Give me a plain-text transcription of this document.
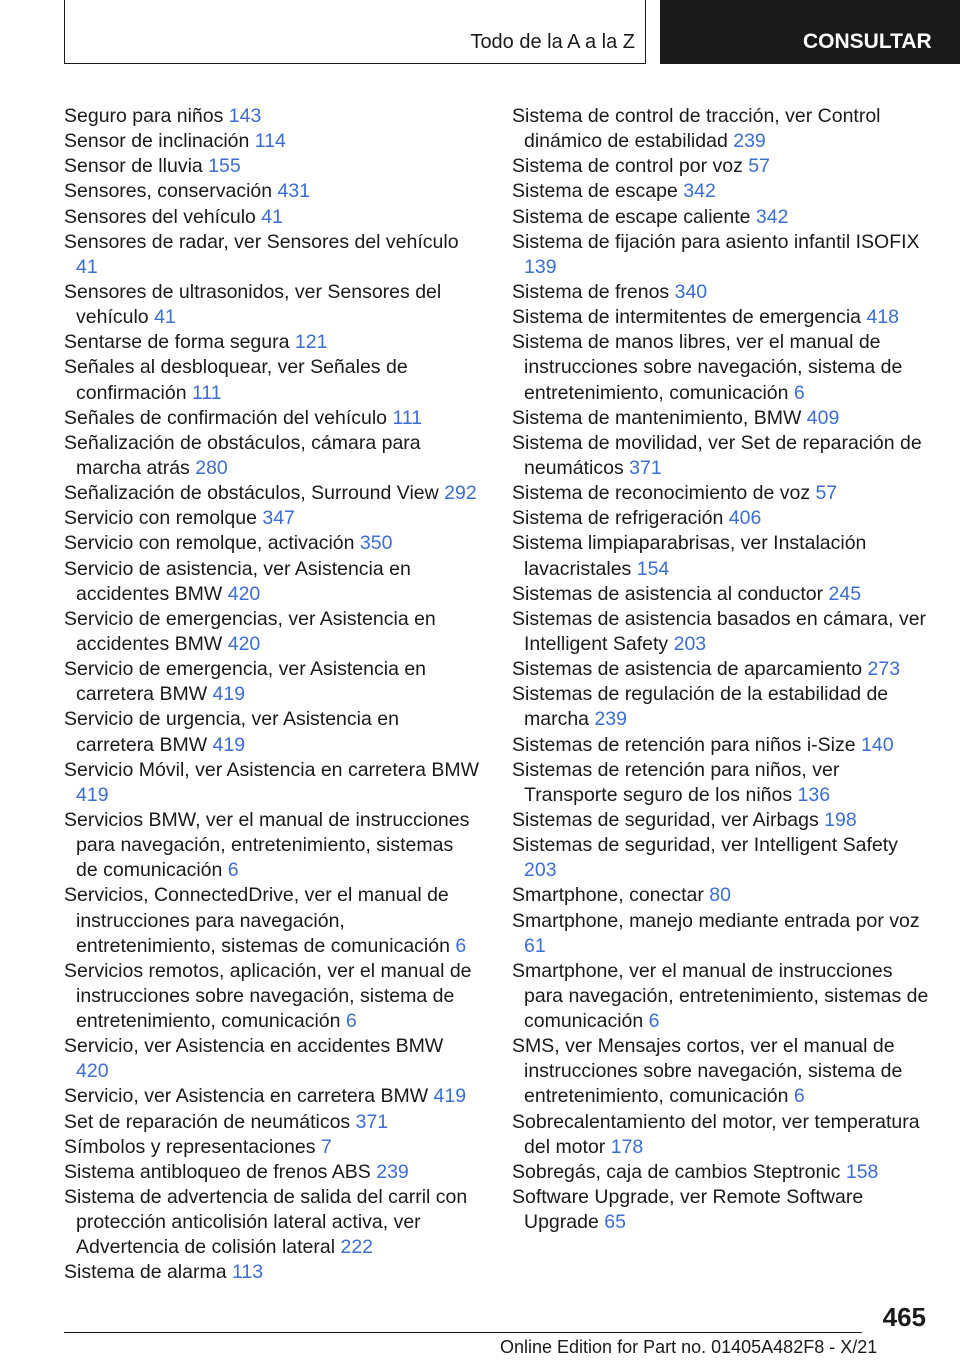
Todo de la A a la Z	CONSULTAR
Seguro para niños 143
Sensor de inclinación 114
Sensor de lluvia 155
Sensores, conservación 431
Sensores del vehículo 41
Sensores de radar, ver Sensores del vehículo 41
Sensores de ultrasonidos, ver Sensores del vehículo 41
Sentarse de forma segura 121
Señales al desbloquear, ver Señales de confirmación 111
Señales de confirmación del vehículo 111
Señalización de obstáculos, cámara para marcha atrás 280
Señalización de obstáculos, Surround View 292
Servicio con remolque 347
Servicio con remolque, activación 350
Servicio de asistencia, ver Asistencia en accidentes BMW 420
Servicio de emergencias, ver Asistencia en accidentes BMW 420
Servicio de emergencia, ver Asistencia en carretera BMW 419
Servicio de urgencia, ver Asistencia en carretera BMW 419
Servicio Móvil, ver Asistencia en carretera BMW 419
Servicios BMW, ver el manual de instrucciones para navegación, entretenimiento, sistemas de comunicación 6
Servicios, ConnectedDrive, ver el manual de instrucciones para navegación, entretenimiento, sistemas de comunicación 6
Servicios remotos, aplicación, ver el manual de instrucciones sobre navegación, sistema de entretenimiento, comunicación 6
Servicio, ver Asistencia en accidentes BMW 420
Servicio, ver Asistencia en carretera BMW 419
Set de reparación de neumáticos 371
Símbolos y representaciones 7
Sistema antibloqueo de frenos ABS 239
Sistema de advertencia de salida del carril con protección anticolisión lateral activa, ver Advertencia de colisión lateral 222
Sistema de alarma 113
Sistema de control de tracción, ver Control dinámico de estabilidad 239
Sistema de control por voz 57
Sistema de escape 342
Sistema de escape caliente 342
Sistema de fijación para asiento infantil ISOFIX 139
Sistema de frenos 340
Sistema de intermitentes de emergencia 418
Sistema de manos libres, ver el manual de instrucciones sobre navegación, sistema de entretenimiento, comunicación 6
Sistema de mantenimiento, BMW 409
Sistema de movilidad, ver Set de reparación de neumáticos 371
Sistema de reconocimiento de voz 57
Sistema de refrigeración 406
Sistema limpiaparabrisas, ver Instalación lavacristales 154
Sistemas de asistencia al conductor 245
Sistemas de asistencia basados en cámara, ver Intelligent Safety 203
Sistemas de asistencia de aparcamiento 273
Sistemas de regulación de la estabilidad de marcha 239
Sistemas de retención para niños i-Size 140
Sistemas de retención para niños, ver Transporte seguro de los niños 136
Sistemas de seguridad, ver Airbags 198
Sistemas de seguridad, ver Intelligent Safety 203
Smartphone, conectar 80
Smartphone, manejo mediante entrada por voz 61
Smartphone, ver el manual de instrucciones para navegación, entretenimiento, sistemas de comunicación 6
SMS, ver Mensajes cortos, ver el manual de instrucciones sobre navegación, sistema de entretenimiento, comunicación 6
Sobrecalentamiento del motor, ver temperatura del motor 178
Sobregás, caja de cambios Steptronic 158
Software Upgrade, ver Remote Software Upgrade 65
465
Online Edition for Part no. 01405A482F8 - X/21
